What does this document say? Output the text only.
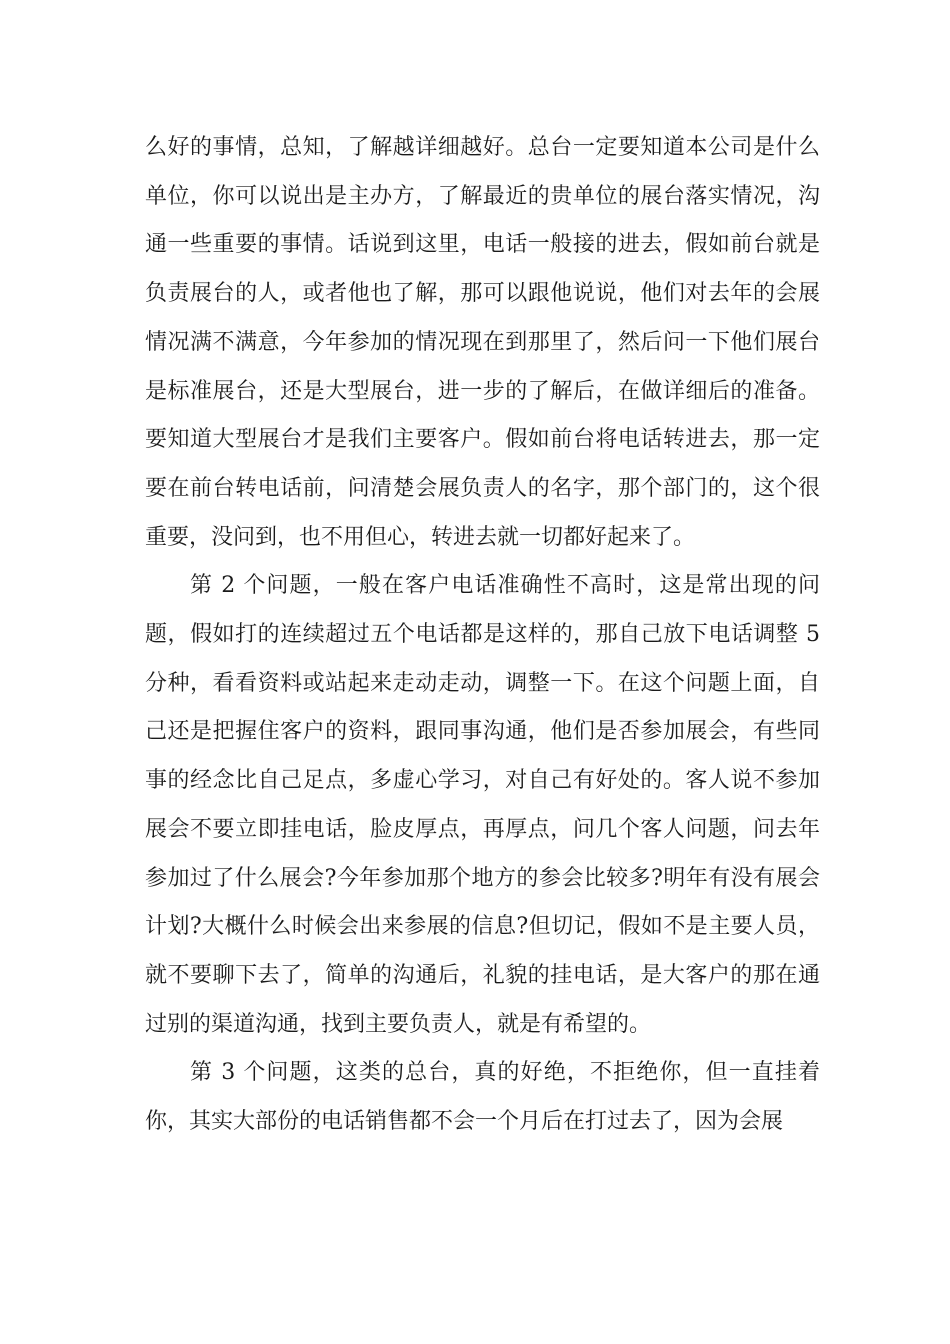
么好的事情，总知，了解越详细越好。总台一定要知道本公司是什么单位，你可以说出是主办方，了解最近的贵单位的展台落实情况，沟通一些重要的事情。话说到这里，电话一般接的进去，假如前台就是负责展台的人，或者他也了解，那可以跟他说说，他们对去年的会展情况满不满意，今年参加的情况现在到那里了，然后问一下他们展台是标准展台，还是大型展台，进一步的了解后，在做详细后的准备。要知道大型展台才是我们主要客户。假如前台将电话转进去，那一定要在前台转电话前，问清楚会展负责人的名字，那个部门的，这个很重要，没问到，也不用但心，转进去就一切都好起来了。

第 2 个问题，一般在客户电话准确性不高时，这是常出现的问题，假如打的连续超过五个电话都是这样的，那自己放下电话调整 5 分种，看看资料或站起来走动走动，调整一下。在这个问题上面，自己还是把握住客户的资料，跟同事沟通，他们是否参加展会，有些同事的经念比自己足点，多虚心学习，对自己有好处的。客人说不参加展会不要立即挂电话，脸皮厚点，再厚点，问几个客人问题，问去年参加过了什么展会?今年参加那个地方的参会比较多?明年有没有展会计划?大概什么时候会出来参展的信息?但切记，假如不是主要人员，就不要聊下去了，简单的沟通后，礼貌的挂电话，是大客户的那在通过别的渠道沟通，找到主要负责人，就是有希望的。

第 3 个问题，这类的总台，真的好绝，不拒绝你，但一直挂着你，其实大部份的电话销售都不会一个月后在打过去了，因为会展
